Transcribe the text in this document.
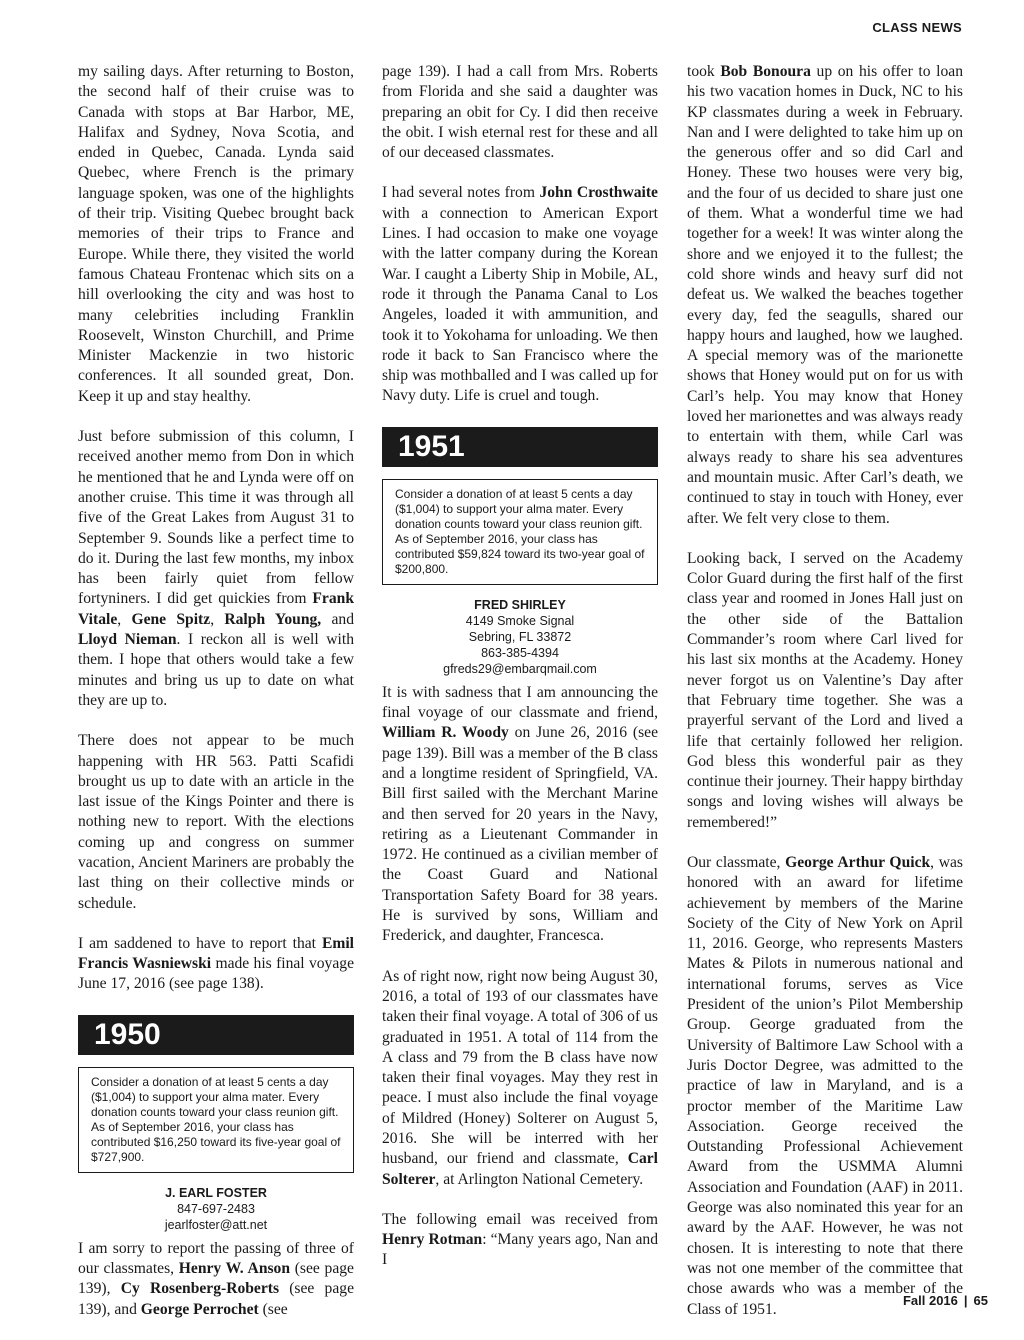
CLASS NEWS

my sailing days. After returning to Boston, the second half of their cruise was to Canada with stops at Bar Harbor, ME, Halifax and Sydney, Nova Scotia, and ended in Quebec, Canada. Lynda said Quebec, where French is the primary language spoken, was one of the highlights of their trip. Visiting Quebec brought back memories of their trips to France and Europe. While there, they visited the world famous Chateau Frontenac which sits on a hill overlooking the city and was host to many celebrities including Franklin Roosevelt, Winston Churchill, and Prime Minister Mackenzie in two historic conferences. It all sounded great, Don. Keep it up and stay healthy.

Just before submission of this column, I received another memo from Don in which he mentioned that he and Lynda were off on another cruise. This time it was through all five of the Great Lakes from August 31 to September 9. Sounds like a perfect time to do it. During the last few months, my inbox has been fairly quiet from fellow fortyniners. I did get quickies from Frank Vitale, Gene Spitz, Ralph Young, and Lloyd Nieman. I reckon all is well with them. I hope that others would take a few minutes and bring us up to date on what they are up to.

There does not appear to be much happening with HR 563. Patti Scafidi brought us up to date with an article in the last issue of the Kings Pointer and there is nothing new to report. With the elections coming up and congress on summer vacation, Ancient Mariners are probably the last thing on their collective minds or schedule.

I am saddened to have to report that Emil Francis Wasniewski made his final voyage June 17, 2016 (see page 138).

1950
Consider a donation of at least 5 cents a day ($1,004) to support your alma mater. Every donation counts toward your class reunion gift. As of September 2016, your class has contributed $16,250 toward its five-year goal of $727,900.
J. EARL FOSTER
847-697-2483
jearlfoster@att.net

I am sorry to report the passing of three of our classmates, Henry W. Anson (see page 139), Cy Rosenberg-Roberts (see page 139), and George Perrochet (see

page 139). I had a call from Mrs. Roberts from Florida and she said a daughter was preparing an obit for Cy. I did then receive the obit. I wish eternal rest for these and all of our deceased classmates.

I had several notes from John Crosthwaite with a connection to American Export Lines. I had occasion to make one voyage with the latter company during the Korean War. I caught a Liberty Ship in Mobile, AL, rode it through the Panama Canal to Los Angeles, loaded it with ammunition, and took it to Yokohama for unloading. We then rode it back to San Francisco where the ship was mothballed and I was called up for Navy duty. Life is cruel and tough.

1951
Consider a donation of at least 5 cents a day ($1,004) to support your alma mater. Every donation counts toward your class reunion gift. As of September 2016, your class has contributed $59,824 toward its two-year goal of $200,800.
FRED SHIRLEY
4149 Smoke Signal
Sebring, FL 33872
863-385-4394
gfreds29@embarqmail.com

It is with sadness that I am announcing the final voyage of our classmate and friend, William R. Woody on June 26, 2016 (see page 139). Bill was a member of the B class and a longtime resident of Springfield, VA. Bill first sailed with the Merchant Marine and then served for 20 years in the Navy, retiring as a Lieutenant Commander in 1972. He continued as a civilian member of the Coast Guard and National Transportation Safety Board for 38 years. He is survived by sons, William and Frederick, and daughter, Francesca.

As of right now, right now being August 30, 2016, a total of 193 of our classmates have taken their final voyage. A total of 306 of us graduated in 1951. A total of 114 from the A class and 79 from the B class have now taken their final voyages. May they rest in peace. I must also include the final voyage of Mildred (Honey) Solterer on August 5, 2016. She will be interred with her husband, our friend and classmate, Carl Solterer, at Arlington National Cemetery.

The following email was received from Henry Rotman: “Many years ago, Nan and I

took Bob Bonoura up on his offer to loan his two vacation homes in Duck, NC to his KP classmates during a week in February. Nan and I were delighted to take him up on the generous offer and so did Carl and Honey. These two houses were very big, and the four of us decided to share just one of them. What a wonderful time we had together for a week! It was winter along the shore and we enjoyed it to the fullest; the cold shore winds and heavy surf did not defeat us. We walked the beaches together every day, fed the seagulls, shared our happy hours and laughed, how we laughed. A special memory was of the marionette shows that Honey would put on for us with Carl’s help. You may know that Honey loved her marionettes and was always ready to entertain with them, while Carl was always ready to share his sea adventures and mountain music. After Carl’s death, we continued to stay in touch with Honey, ever after. We felt very close to them.

Looking back, I served on the Academy Color Guard during the first half of the first class year and roomed in Jones Hall just on the other side of the Battalion Commander’s room where Carl lived for his last six months at the Academy. Honey never forgot us on Valentine’s Day after that February time together. She was a prayerful servant of the Lord and lived a life that certainly followed her religion. God bless this wonderful pair as they continue their journey. Their happy birthday songs and loving wishes will always be remembered!”

Our classmate, George Arthur Quick, was honored with an award for lifetime achievement by members of the Marine Society of the City of New York on April 11, 2016. George, who represents Masters Mates & Pilots in numerous national and international forums, serves as Vice President of the union’s Pilot Membership Group. George graduated from the University of Baltimore Law School with a Juris Doctor Degree, was admitted to the practice of law in Maryland, and is a proctor member of the Maritime Law Association. George received the Outstanding Professional Achievement Award from the USMMA Alumni Association and Foundation (AAF) in 2011. George was also nominated this year for an award by the AAF. However, he was not chosen. It is interesting to note that there was not one member of the committee that chose awards who was a member of the Class of 1951.

Fall 2016 | 65
